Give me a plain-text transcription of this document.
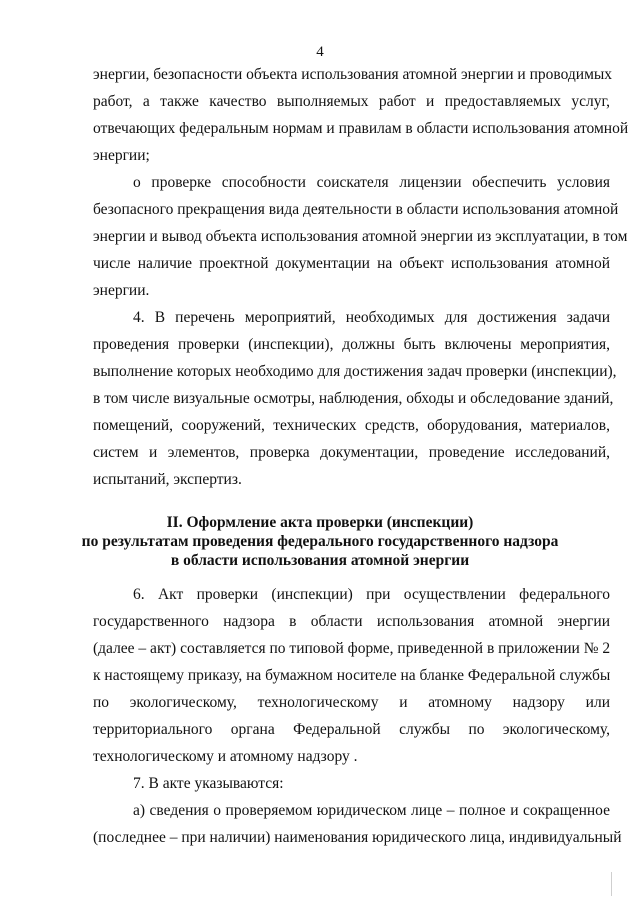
4
энергии, безопасности объекта использования атомной энергии и проводимых
работ, а также качество выполняемых работ и предоставляемых услуг,
отвечающих федеральным нормам и правилам в области использования атомной
энергии;
о проверке способности соискателя лицензии обеспечить условия
безопасного прекращения вида деятельности в области использования атомной
энергии и вывод объекта использования атомной энергии из эксплуатации, в том
числе наличие проектной документации на объект использования атомной
энергии.
4. В перечень мероприятий, необходимых для достижения задачи
проведения проверки (инспекции), должны быть включены мероприятия,
выполнение которых необходимо для достижения задач проверки (инспекции),
в том числе визуальные осмотры, наблюдения, обходы и обследование зданий,
помещений, сооружений, технических средств, оборудования, материалов,
систем и элементов, проверка документации, проведение исследований,
испытаний, экспертиз.
II. Оформление акта проверки (инспекции)
по результатам проведения федерального государственного надзора
в области использования атомной энергии
6. Акт проверки (инспекции) при осуществлении федерального
государственного надзора в области использования атомной энергии
(далее – акт) составляется по типовой форме, приведенной в приложении № 2
к настоящему приказу, на бумажном носителе на бланке Федеральной службы
по экологическому, технологическому и атомному надзору или
территориального органа Федеральной службы по экологическому,
технологическому и атомному надзору .
7. В акте указываются:
а) сведения о проверяемом юридическом лице – полное и сокращенное
(последнее – при наличии) наименования юридического лица, индивидуальный
